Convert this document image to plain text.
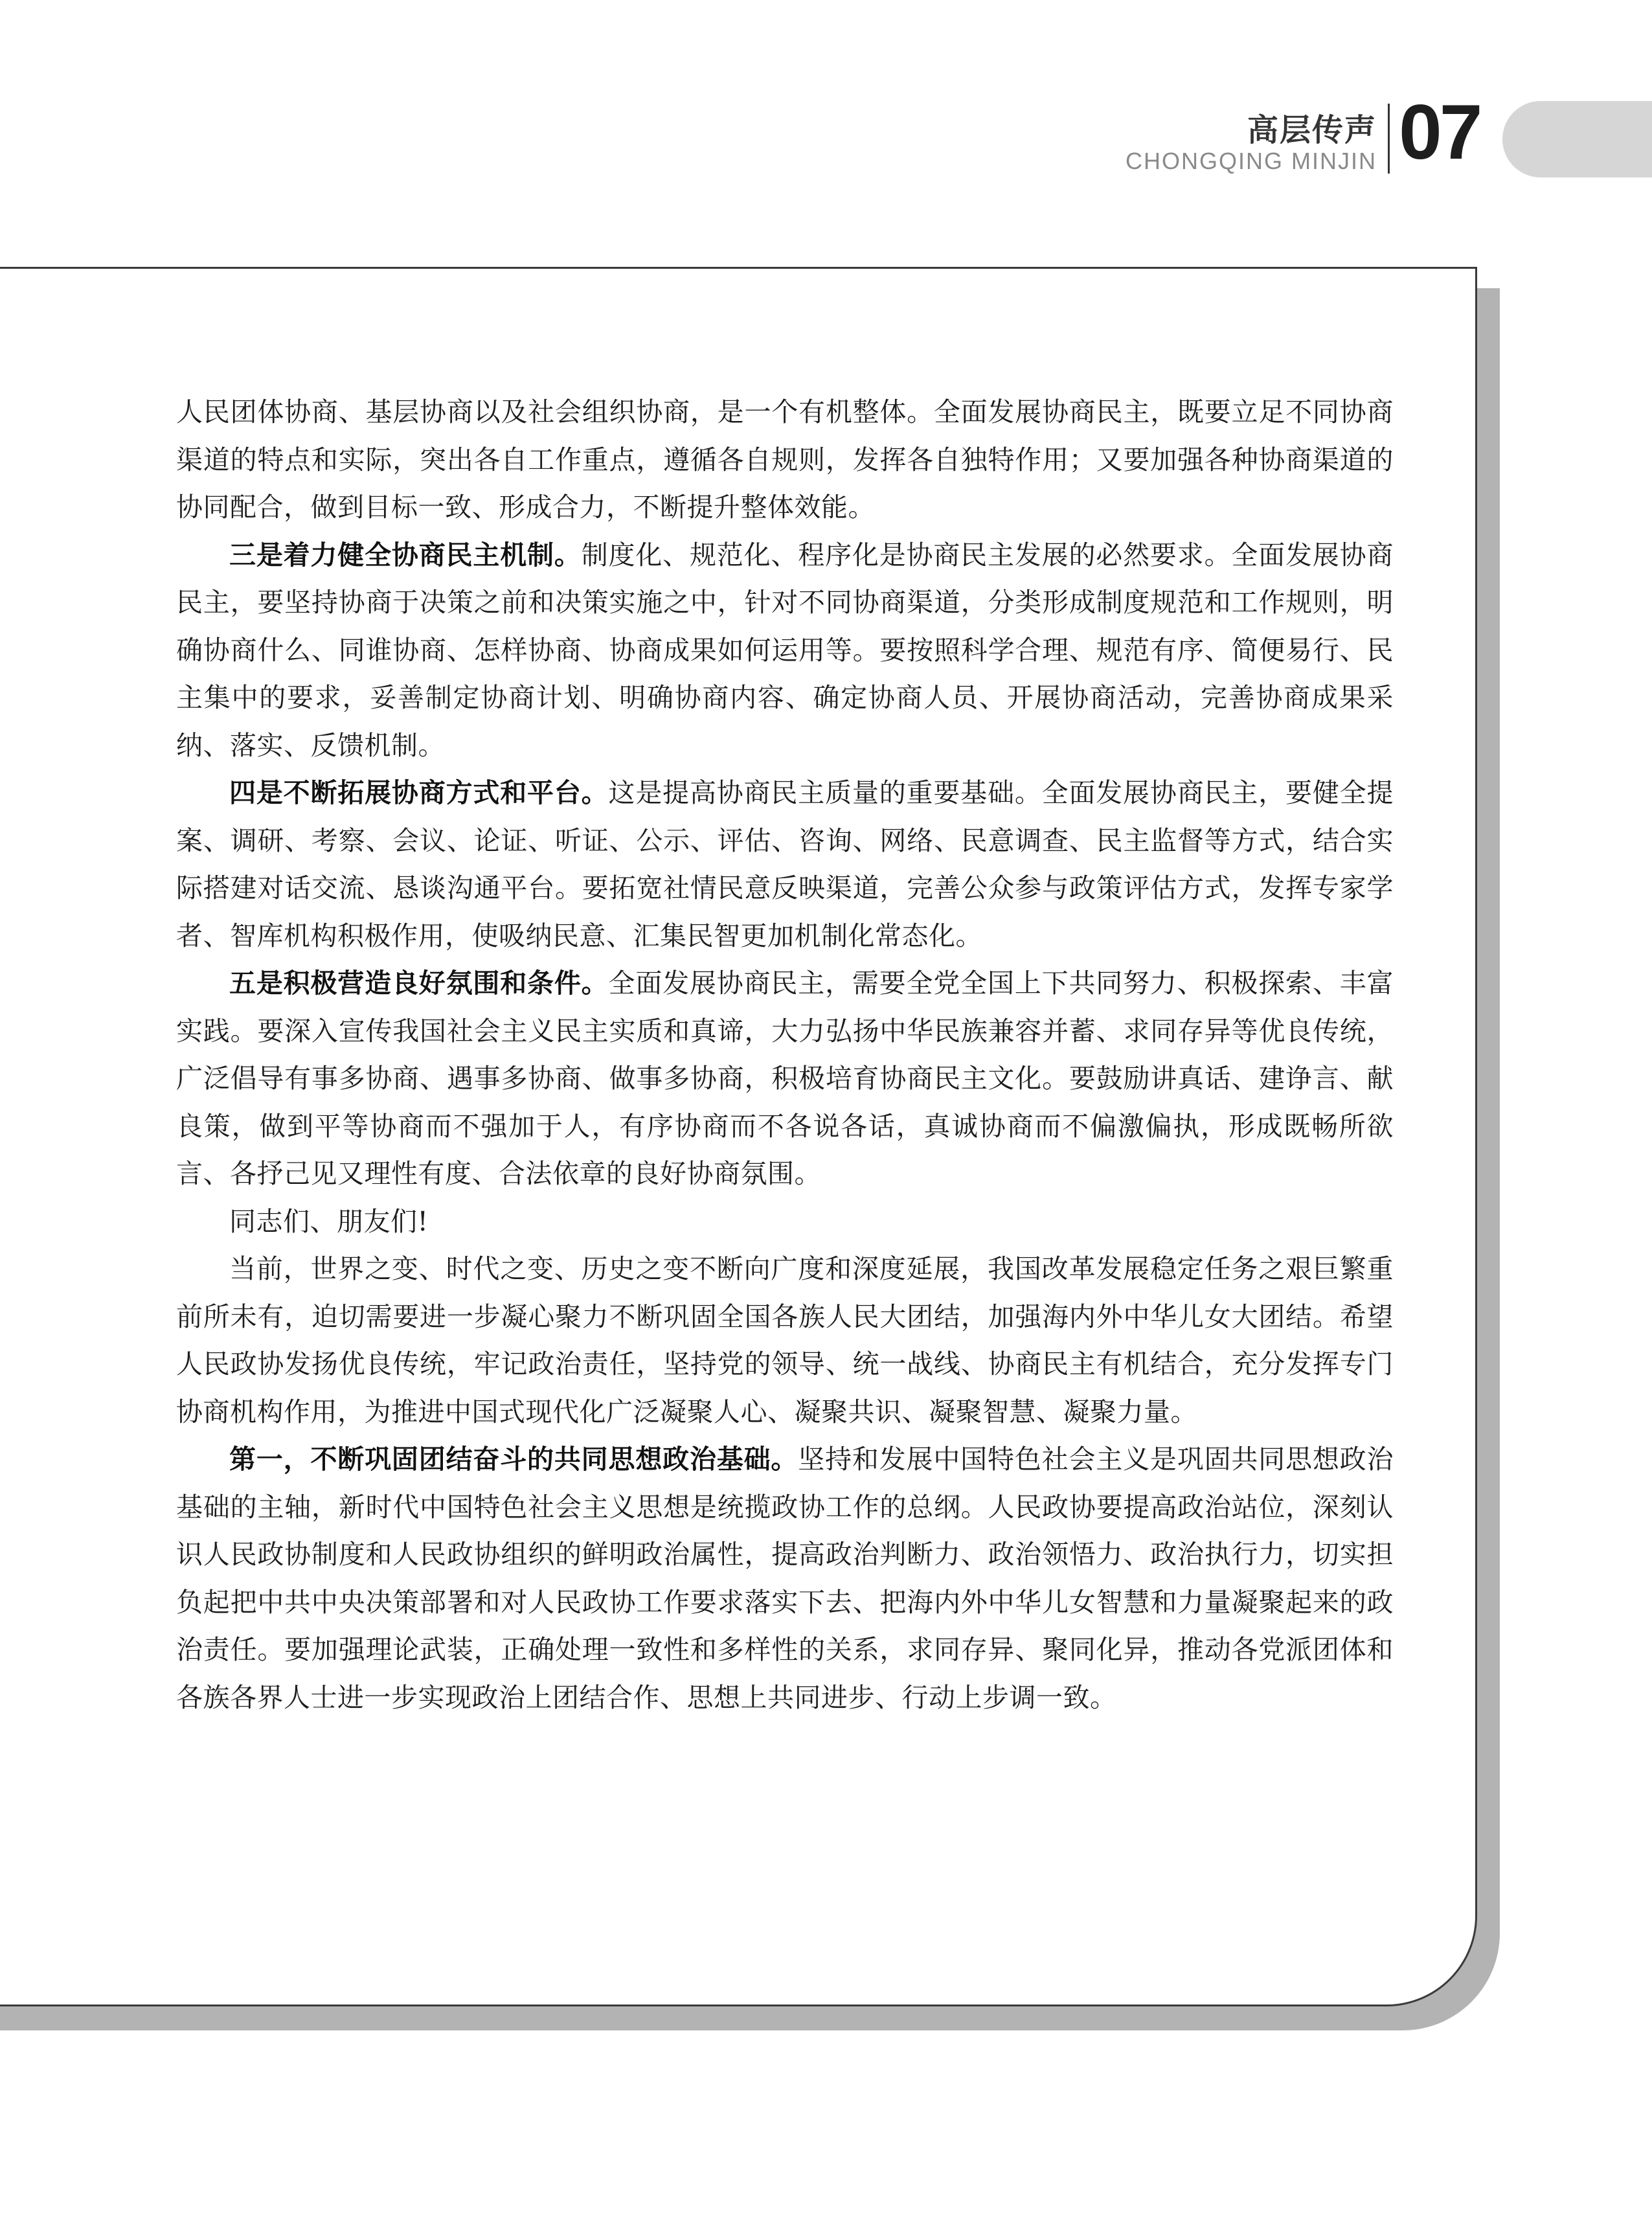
高层传声
CHONGQING MINJIN 07

人民团体协商、基层协商以及社会组织协商，是一个有机整体。全面发展协商民主，既要立足不同协商渠道的特点和实际，突出各自工作重点，遵循各自规则，发挥各自独特作用；又要加强各种协商渠道的协同配合，做到目标一致、形成合力，不断提升整体效能。

三是着力健全协商民主机制。制度化、规范化、程序化是协商民主发展的必然要求。全面发展协商民主，要坚持协商于决策之前和决策实施之中，针对不同协商渠道，分类形成制度规范和工作规则，明确协商什么、同谁协商、怎样协商、协商成果如何运用等。要按照科学合理、规范有序、简便易行、民主集中的要求，妥善制定协商计划、明确协商内容、确定协商人员、开展协商活动，完善协商成果采纳、落实、反馈机制。

四是不断拓展协商方式和平台。这是提高协商民主质量的重要基础。全面发展协商民主，要健全提案、调研、考察、会议、论证、听证、公示、评估、咨询、网络、民意调查、民主监督等方式，结合实际搭建对话交流、恳谈沟通平台。要拓宽社情民意反映渠道，完善公众参与政策评估方式，发挥专家学者、智库机构积极作用，使吸纳民意、汇集民智更加机制化常态化。

五是积极营造良好氛围和条件。全面发展协商民主，需要全党全国上下共同努力、积极探索、丰富实践。要深入宣传我国社会主义民主实质和真谛，大力弘扬中华民族兼容并蓄、求同存异等优良传统，广泛倡导有事多协商、遇事多协商、做事多协商，积极培育协商民主文化。要鼓励讲真话、建诤言、献良策，做到平等协商而不强加于人，有序协商而不各说各话，真诚协商而不偏激偏执，形成既畅所欲言、各抒己见又理性有度、合法依章的良好协商氛围。

同志们、朋友们!

当前，世界之变、时代之变、历史之变不断向广度和深度延展，我国改革发展稳定任务之艰巨繁重前所未有，迫切需要进一步凝心聚力不断巩固全国各族人民大团结，加强海内外中华儿女大团结。希望人民政协发扬优良传统，牢记政治责任，坚持党的领导、统一战线、协商民主有机结合，充分发挥专门协商机构作用，为推进中国式现代化广泛凝聚人心、凝聚共识、凝聚智慧、凝聚力量。

第一，不断巩固团结奋斗的共同思想政治基础。坚持和发展中国特色社会主义是巩固共同思想政治基础的主轴，新时代中国特色社会主义思想是统揽政协工作的总纲。人民政协要提高政治站位，深刻认识人民政协制度和人民政协组织的鲜明政治属性，提高政治判断力、政治领悟力、政治执行力，切实担负起把中共中央决策部署和对人民政协工作要求落实下去、把海内外中华儿女智慧和力量凝聚起来的政治责任。要加强理论武装，正确处理一致性和多样性的关系，求同存异、聚同化异，推动各党派团体和各族各界人士进一步实现政治上团结合作、思想上共同进步、行动上步调一致。
